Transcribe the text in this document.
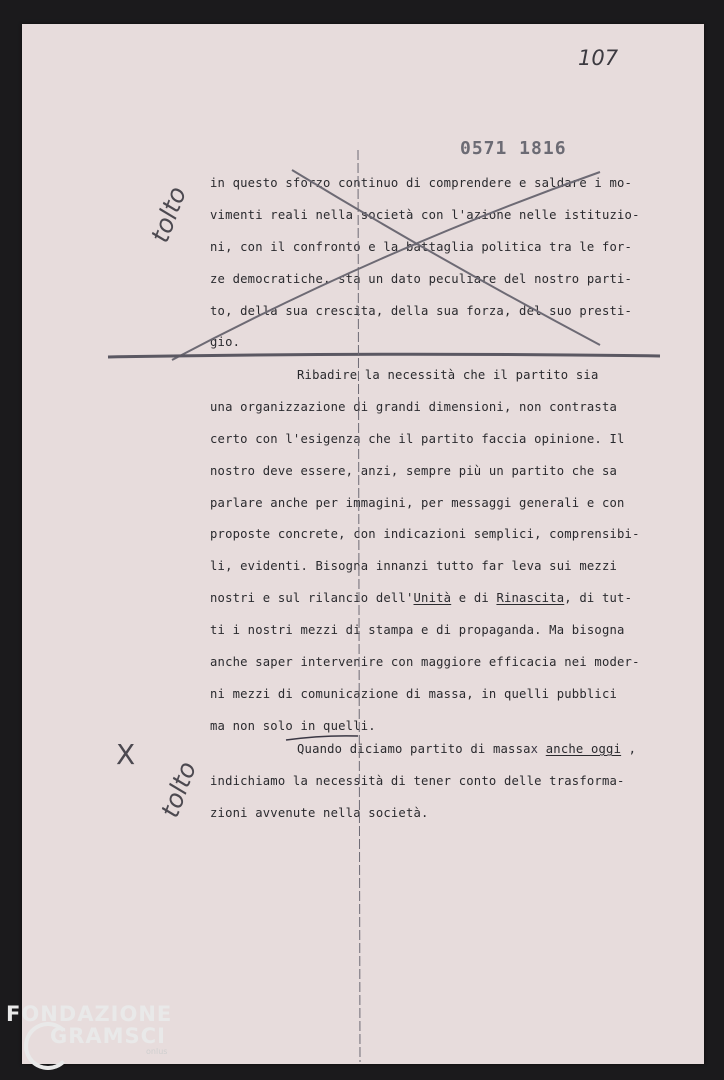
107
0571 1816
in questo sforzo continuo di comprendere e saldare i mo-
vimenti reali nella società con l'azione nelle istituzio-
ni, con il confronto e la battaglia politica tra le for-
ze democratiche, sta un dato peculiare del nostro parti-
to, della sua crescita, della sua forza, del suo presti-
gio.
Ribadire la necessità che il partito sia
una organizzazione di grandi dimensioni, non contrasta
certo con l'esigenza che il partito faccia opinione. Il
nostro deve essere, anzi, sempre più un partito che sa
parlare anche per immagini, per messaggi generali e con
proposte concrete, con indicazioni semplici, comprensibi-
li, evidenti. Bisogna innanzi tutto far leva sui mezzi
nostri e sul rilancio dell'Unità e di Rinascita, di tut-
ti i nostri mezzi di stampa e di propaganda. Ma bisogna
anche saper intervenire con maggiore efficacia nei moder-
ni mezzi di comunicazione di massa, in quelli pubblici
ma non solo in quelli.
Quando diciamo partito di massax anche oggi ,
indichiamo la necessità di tener conto delle trasforma-
zioni avvenute nella società.
tolto
X
tolto
FONDAZIONE
GRAMSCI
onlus
